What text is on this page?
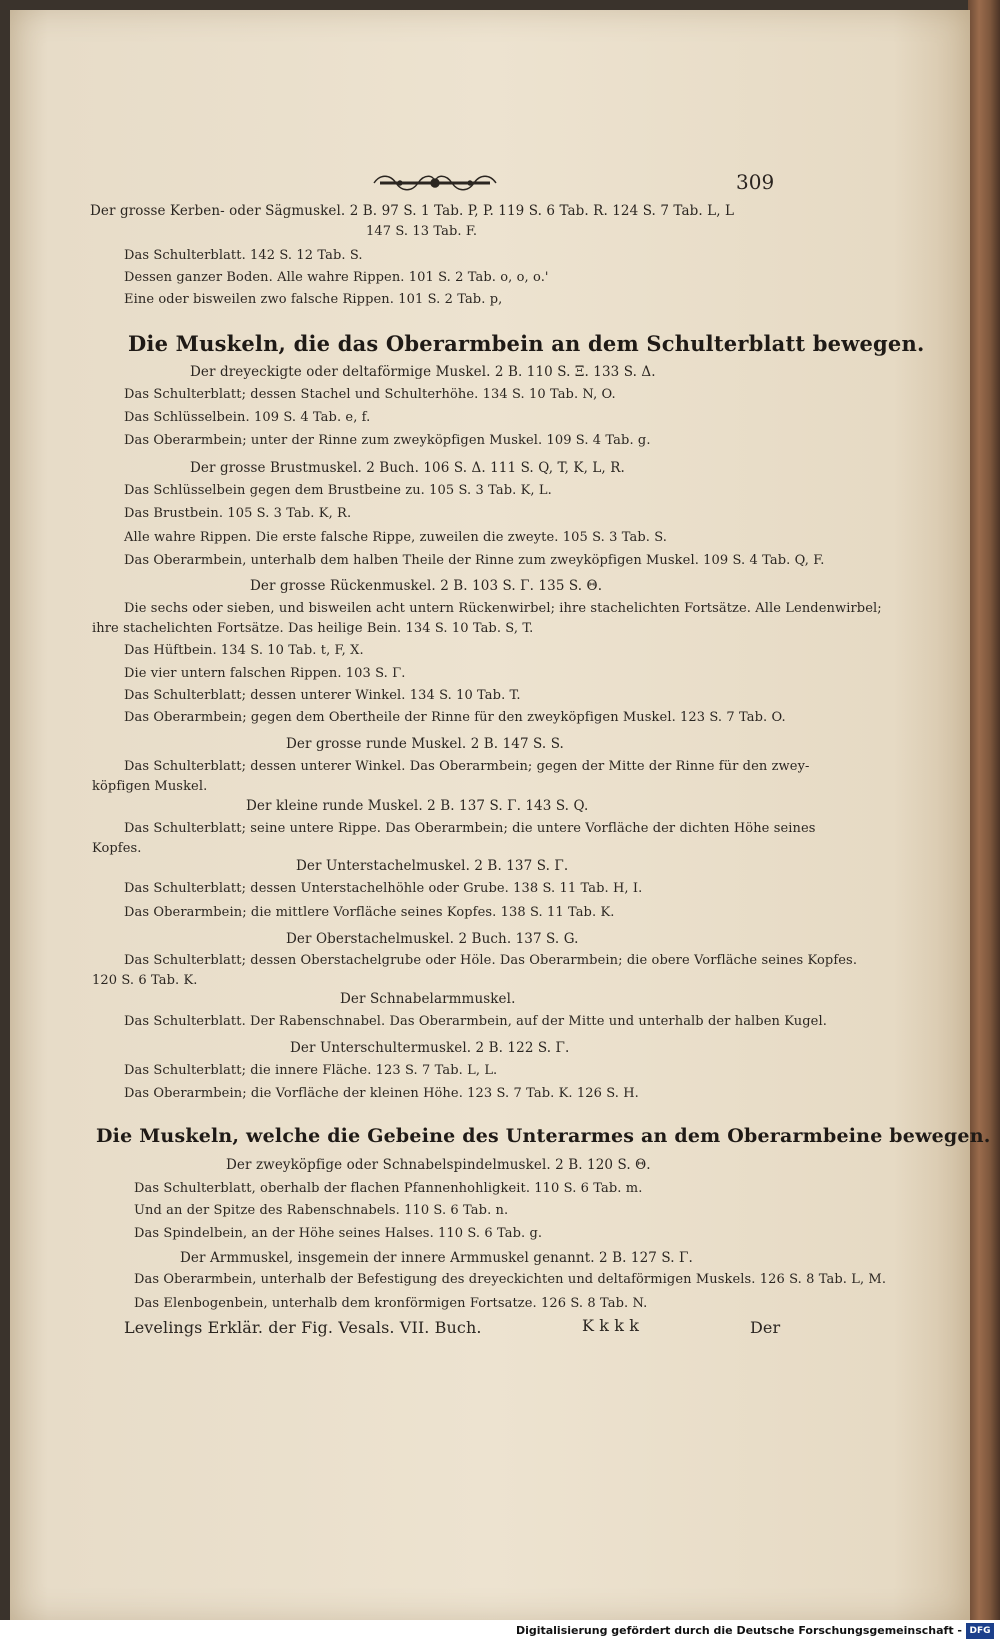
309
Der grosse Kerben- oder Sägmuskel. 2 B. 97 S. 1 Tab. P, P. 119 S. 6 Tab. R. 124 S. 7 Tab. L, L
147 S. 13 Tab. F.
Das Schulterblatt. 142 S. 12 Tab. S.
Dessen ganzer Boden. Alle wahre Rippen. 101 S. 2 Tab. o, o, o.'
Eine oder bisweilen zwo falsche Rippen. 101 S. 2 Tab. p,
Die Muskeln, die das Oberarmbein an dem Schulterblatt bewegen.
Der dreyeckigte oder deltaförmige Muskel. 2 B. 110 S. Ξ. 133 S. Δ.
Das Schulterblatt; dessen Stachel und Schulterhöhe. 134 S. 10 Tab. N, O.
Das Schlüsselbein. 109 S. 4 Tab. e, f.
Das Oberarmbein; unter der Rinne zum zweyköpfigen Muskel. 109 S. 4 Tab. g.
Der grosse Brustmuskel. 2 Buch. 106 S. Δ. 111 S. Q, T, K, L, R.
Das Schlüsselbein gegen dem Brustbeine zu. 105 S. 3 Tab. K, L.
Das Brustbein. 105 S. 3 Tab. K, R.
Alle wahre Rippen. Die erste falsche Rippe, zuweilen die zweyte. 105 S. 3 Tab. S.
Das Oberarmbein, unterhalb dem halben Theile der Rinne zum zweyköpfigen Muskel. 109 S. 4 Tab. Q, F.
Der grosse Rückenmuskel. 2 B. 103 S. Γ. 135 S. Θ.
Die sechs oder sieben, und bisweilen acht untern Rückenwirbel; ihre stachelichten Fortsätze. Alle Lendenwirbel;
ihre stachelichten Fortsätze. Das heilige Bein. 134 S. 10 Tab. S, T.
Das Hüftbein. 134 S. 10 Tab. t, F, X.
Die vier untern falschen Rippen. 103 S. Γ.
Das Schulterblatt; dessen unterer Winkel. 134 S. 10 Tab. T.
Das Oberarmbein; gegen dem Obertheile der Rinne für den zweyköpfigen Muskel. 123 S. 7 Tab. O.
Der grosse runde Muskel. 2 B. 147 S. S.
Das Schulterblatt; dessen unterer Winkel. Das Oberarmbein; gegen der Mitte der Rinne für den zwey-
köpfigen Muskel.
Der kleine runde Muskel. 2 B. 137 S. Γ. 143 S. Q.
Das Schulterblatt; seine untere Rippe. Das Oberarmbein; die untere Vorfläche der dichten Höhe seines
Kopfes.
Der Unterstachelmuskel. 2 B. 137 S. Γ.
Das Schulterblatt; dessen Unterstachelhöhle oder Grube. 138 S. 11 Tab. H, I.
Das Oberarmbein; die mittlere Vorfläche seines Kopfes. 138 S. 11 Tab. K.
Der Oberstachelmuskel. 2 Buch. 137 S. G.
Das Schulterblatt; dessen Oberstachelgrube oder Höle. Das Oberarmbein; die obere Vorfläche seines Kopfes.
120 S. 6 Tab. K.
Der Schnabelarmmuskel.
Das Schulterblatt. Der Rabenschnabel. Das Oberarmbein, auf der Mitte und unterhalb der halben Kugel.
Der Unterschultermuskel. 2 B. 122 S. Γ.
Das Schulterblatt; die innere Fläche. 123 S. 7 Tab. L, L.
Das Oberarmbein; die Vorfläche der kleinen Höhe. 123 S. 7 Tab. K. 126 S. H.
Die Muskeln, welche die Gebeine des Unterarmes an dem Oberarmbeine bewegen.
Der zweyköpfige oder Schnabelspindelmuskel. 2 B. 120 S. Θ.
Das Schulterblatt, oberhalb der flachen Pfannenhohligkeit. 110 S. 6 Tab. m.
Und an der Spitze des Rabenschnabels. 110 S. 6 Tab. n.
Das Spindelbein, an der Höhe seines Halses. 110 S. 6 Tab. g.
Der Armmuskel, insgemein der innere Armmuskel genannt. 2 B. 127 S. Γ.
Das Oberarmbein, unterhalb der Befestigung des dreyeckichten und deltaförmigen Muskels. 126 S. 8 Tab. L, M.
Das Elenbogenbein, unterhalb dem kronförmigen Fortsatze. 126 S. 8 Tab. N.
Levelings Erklär. der Fig. Vesals. VII. Buch.	K k k k	Der
Digitalisierung gefördert durch die Deutsche Forschungsgemeinschaft - DFG
